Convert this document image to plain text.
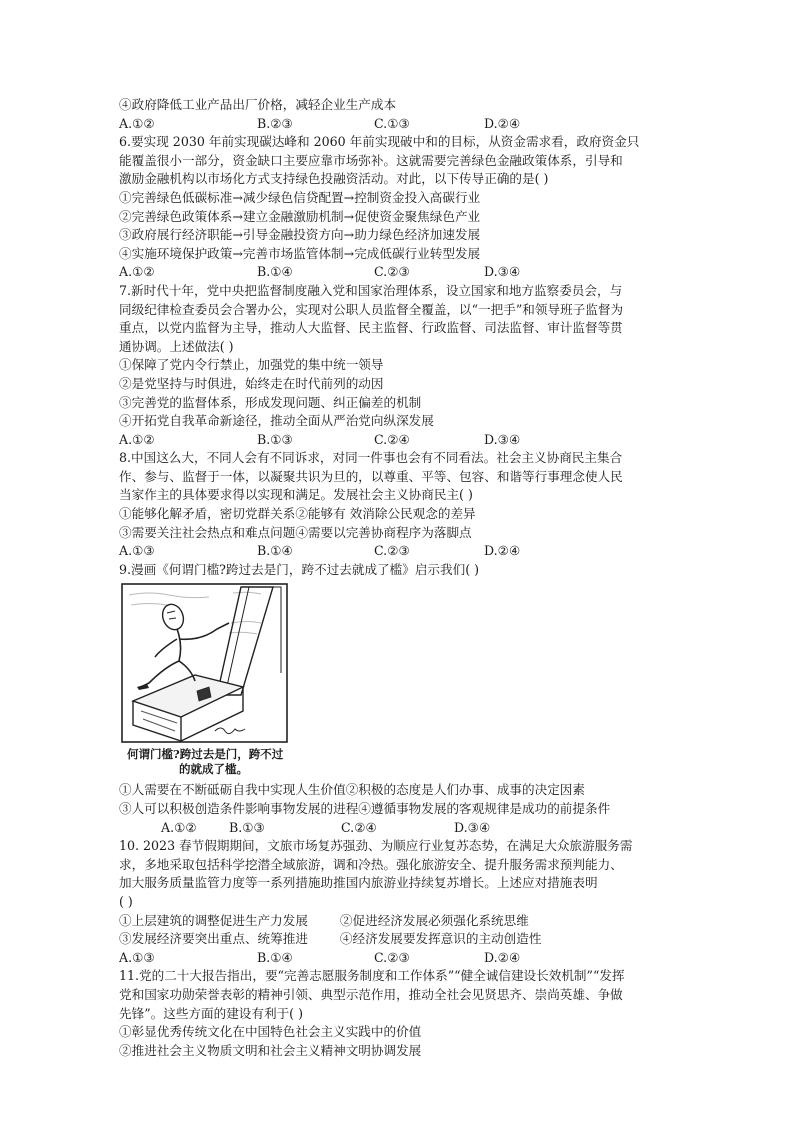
④政府降低工业产品出厂价格，减轻企业生产成本
A.①②	B.②③	C.①③	D.②④
6.要实现 2030 年前实现碳达峰和 2060 年前实现破中和的目标，从资金需求看，政府资金只
能覆盖很小一部分，资金缺口主要应靠市场弥补。这就需要完善绿色金融政策体系，引导和
激励金融机构以市场化方式支持绿色投融资活动。对此，以下传导正确的是( )
①完善绿色低碳标准→减少绿色信贷配置→控制资金投入高碳行业
②完善绿色政策体系→建立金融激励机制→促使资金聚焦绿色产业
③政府展行经济职能→引导金融投资方向→助力绿色经济加速发展
④实施环境保护政策→完善市场监管体制→完成低碳行业转型发展
A.①②	B.①④	C.②③	D.③④
7.新时代十年，党中央把监督制度融入党和国家治理体系，设立国家和地方监察委员会，与
同级纪律检查委员会合署办公，实现对公职人员监督全覆盖，以“一把手”和领导班子监督为
重点，以党内监督为主导，推动人大监督、民主监督、行政监督、司法监督、审计监督等贯
通协调。上述做法( )
①保障了党内令行禁止，加强党的集中统一领导
②是党坚持与时俱进，始终走在时代前列的动因
③完善党的监督体系，形成发现问题、纠正偏差的机制
④开拓党自我革命新途径，推动全面从严治党向纵深发展
A.①②	B.①③	C.②④	D.③④
8.中国这么大，不同人会有不同诉求，对同一件事也会有不同看法。社会主义协商民主集合
作、参与、监督于一体，以凝聚共识为旦的，以尊重、平等、包容、和谐等行事理念使人民
当家作主的具体要求得以实现和满足。发展社会主义协商民主( )
①能够化解矛盾，密切党群关系②能够有 效消除公民观念的差异
③需要关注社会热点和难点问题④需要以完善协商程序为落脚点
A.①③	B.①④	C.②③	D.②④
9.漫画《何谓门槛?跨过去是门，跨不过去就成了槛》启示我们( )
何谓门槛?跨过去是门，跨不过
的就成了槛。
①人需要在不断砥砺自我中实现人生价值②积极的态度是人们办事、成事的决定因素
③人可以积极创造条件影响事物发展的进程④遵循事物发展的客观规律是成功的前提条件
A.①②	B.①③	C.②④	D.③④
10. 2023 春节假期期间，文旅市场复苏强劲、为顺应行业复苏态势，在满足大众旅游服务需
求，多地采取包括科学挖潜全域旅游，调和冷热。强化旅游安全、提升服务需求预判能力、
加大服务质量监管力度等一系列措施助推国内旅游业持续复苏增长。上述应对措施表明
( )
①上层建筑的调整促进生产力发展        ②促进经济发展必须强化系统思维
③发展经济要突出重点、统筹推进        ④经济发展要发挥意识的主动创造性
A.①③	B.①④	C.②③	D.②④
11.党的二十大报告指出，要“完善志愿服务制度和工作体系”“健全诚信建设长效机制”“发挥
党和国家功勋荣誉表彰的精神引领、典型示范作用，推动全社会见贤思齐、崇尚英雄、争做
先锋”。这些方面的建设有利于( )
①彰显优秀传统文化在中国特色社会主义实践中的价值
②推进社会主义物质文明和社会主义精神文明协调发展
